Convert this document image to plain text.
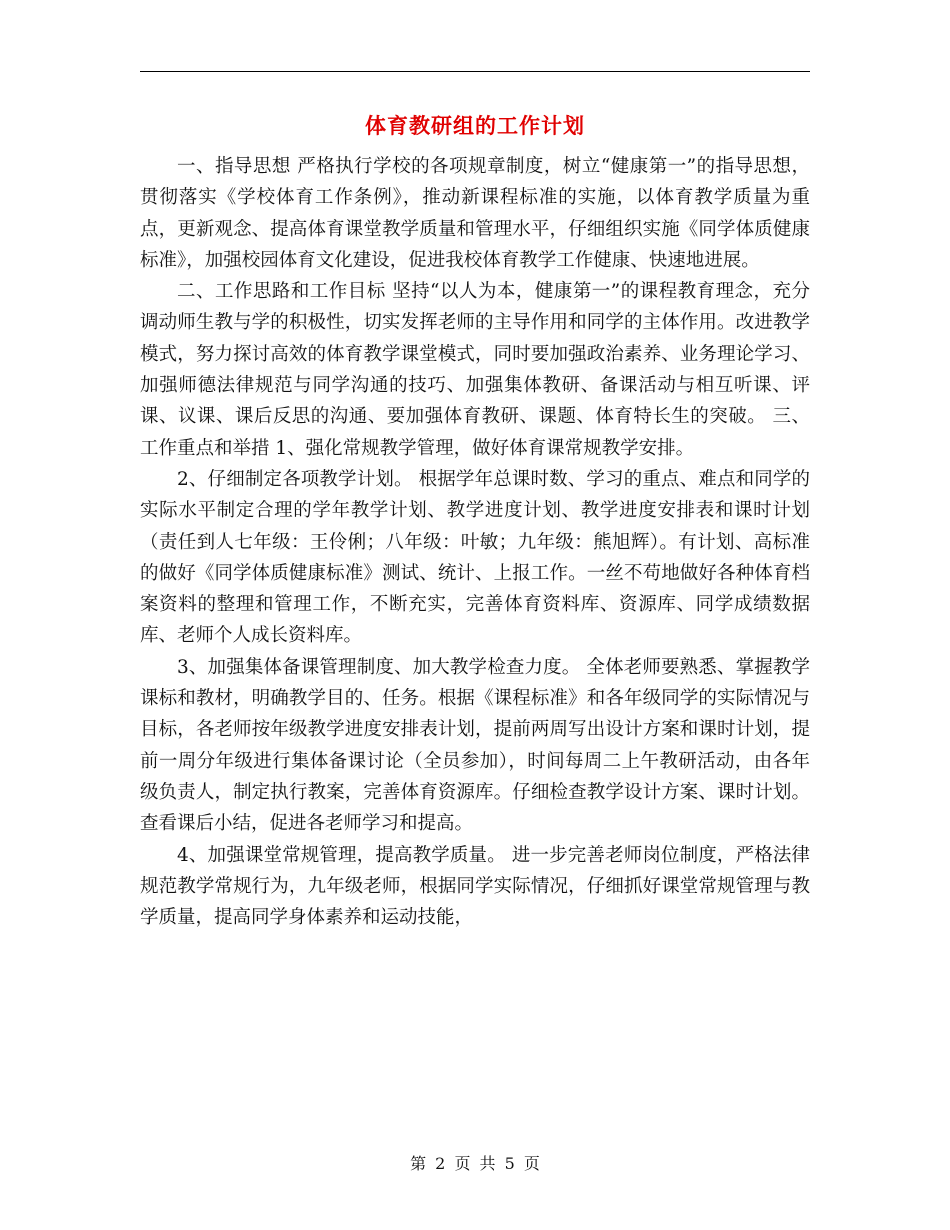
体育教研组的工作计划

一、指导思想 严格执行学校的各项规章制度，树立“健康第一”的指导思想，贯彻落实《学校体育工作条例》，推动新课程标准的实施，以体育教学质量为重点，更新观念、提高体育课堂教学质量和管理水平，仔细组织实施《同学体质健康标准》，加强校园体育文化建设，促进我校体育教学工作健康、快速地进展。

二、工作思路和工作目标 坚持“以人为本，健康第一”的课程教育理念，充分调动师生教与学的积极性，切实发挥老师的主导作用和同学的主体作用。改进教学模式，努力探讨高效的体育教学课堂模式，同时要加强政治素养、业务理论学习、加强师德法律规范与同学沟通的技巧、加强集体教研、备课活动与相互听课、评课、议课、课后反思的沟通、要加强体育教研、课题、体育特长生的突破。 三、工作重点和举措 1、强化常规教学管理，做好体育课常规教学安排。

2、仔细制定各项教学计划。 根据学年总课时数、学习的重点、难点和同学的实际水平制定合理的学年教学计划、教学进度计划、教学进度安排表和课时计划（责任到人七年级：王伶俐；八年级：叶敏；九年级：熊旭辉）。有计划、高标准的做好《同学体质健康标准》测试、统计、上报工作。一丝不苟地做好各种体育档案资料的整理和管理工作，不断充实，完善体育资料库、资源库、同学成绩数据库、老师个人成长资料库。

3、加强集体备课管理制度、加大教学检查力度。 全体老师要熟悉、掌握教学课标和教材，明确教学目的、任务。根据《课程标准》和各年级同学的实际情况与目标，各老师按年级教学进度安排表计划，提前两周写出设计方案和课时计划，提前一周分年级进行集体备课讨论（全员参加），时间每周二上午教研活动，由各年级负责人，制定执行教案，完善体育资源库。仔细检查教学设计方案、课时计划。查看课后小结，促进各老师学习和提高。

4、加强课堂常规管理，提高教学质量。 进一步完善老师岗位制度，严格法律规范教学常规行为，九年级老师，根据同学实际情况，仔细抓好课堂常规管理与教学质量，提高同学身体素养和运动技能，

第 2 页 共 5 页
